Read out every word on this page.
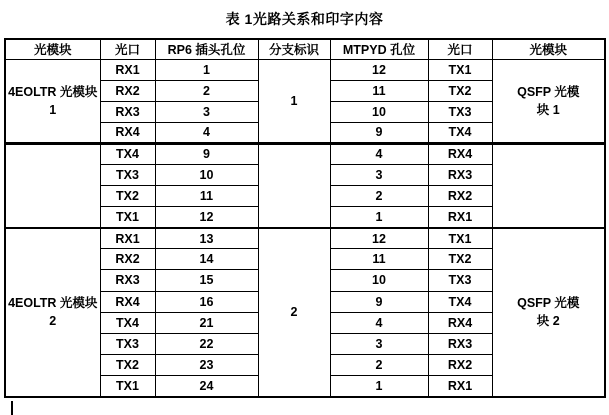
表 1光路关系和印字内容
光模块	光口	RP6 插头孔位	分支标识	MTPYD 孔位	光口	光模块

4EOLTR 光模块
1
	RX1	1	1	12	TX1	
QSFP 光模
块 1

	RX2	2		11	TX2	
	RX3	3		10	TX3	
	RX4	4		9	TX4	

	TX4	9		4	RX4	

	TX3	10		3	RX3	
	TX2	11		2	RX2	
	TX1	12		1	RX1	

4EOLTR 光模块
2
	RX1	13	2	12	TX1	
QSFP 光模
块 2

	RX2	14		11	TX2	
	RX3	15		10	TX3	
	RX4	16		9	TX4	
	TX4	21		4	RX4	
	TX3	22		3	RX3	
	TX2	23		2	RX2	
	TX1	24		1	RX1	
